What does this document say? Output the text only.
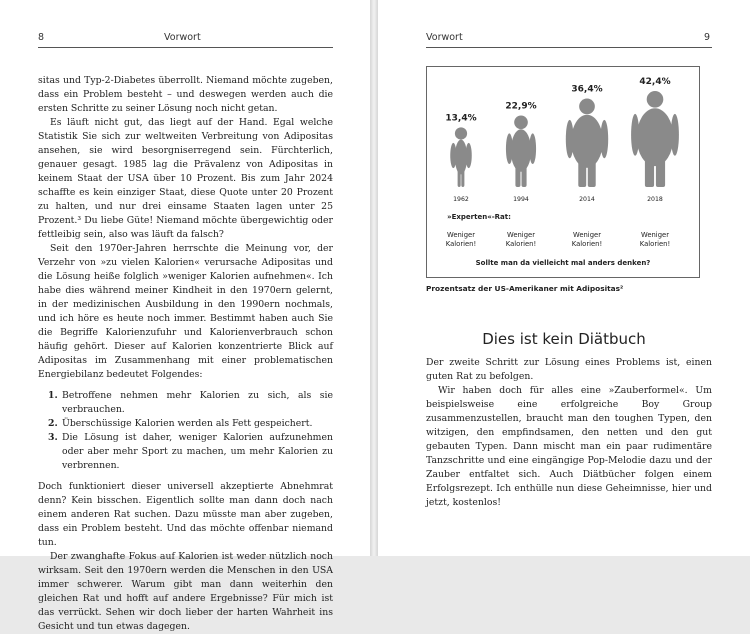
8	Vorwort

sitas und Typ-2-Diabetes überrollt. Niemand möchte zugeben, dass ein Problem besteht – und deswegen werden auch die ersten Schritte zu seiner Lösung noch nicht getan.

Es läuft nicht gut, das liegt auf der Hand. Egal welche Statistik Sie sich zur weltweiten Verbreitung von Adipositas ansehen, sie wird besorgniserregend sein. Fürchterlich, genauer gesagt. 1985 lag die Prävalenz von Adipositas in keinem Staat der USA über 10 Prozent. Bis zum Jahr 2024 schaffte es kein einziger Staat, diese Quote unter 20 Prozent zu halten, und nur drei einsame Staaten lagen unter 25 Prozent.³ Du liebe Güte! Niemand möchte übergewichtig oder fettleibig sein, also was läuft da falsch?

Seit den 1970er-Jahren herrschte die Meinung vor, der Verzehr von »zu vielen Kalorien« verursache Adipositas und die Lösung heiße folglich »weniger Kalorien aufnehmen«. Ich habe dies während meiner Kindheit in den 1970ern gelernt, in der medizinischen Ausbildung in den 1990ern nochmals, und ich höre es heute noch immer. Bestimmt haben auch Sie die Begriffe Kalorienzufuhr und Kalorienverbrauch schon häufig gehört. Dieser auf Kalorien konzentrierte Blick auf Adipositas im Zusammenhang mit einer problematischen Energiebilanz bedeutet Folgendes:

1. Betroffene nehmen mehr Kalorien zu sich, als sie verbrauchen.
2. Überschüssige Kalorien werden als Fett gespeichert.
3. Die Lösung ist daher, weniger Kalorien aufzunehmen oder aber mehr Sport zu machen, um mehr Kalorien zu verbrennen.

Doch funktioniert dieser universell akzeptierte Abnehmrat denn? Kein bisschen. Eigentlich sollte man dann doch nach einem anderen Rat suchen. Dazu müsste man aber zugeben, dass ein Problem besteht. Und das möchte offenbar niemand tun.

Der zwanghafte Fokus auf Kalorien ist weder nützlich noch wirksam. Seit den 1970ern werden die Menschen in den USA immer schwerer. Warum gibt man dann weiterhin den gleichen Rat und hofft auf andere Ergebnisse? Für mich ist das verrückt. Sehen wir doch lieber der harten Wahrheit ins Gesicht und tun etwas dagegen.

Vorwort	9
13,4%
1962
Weniger
Kalorien!
22,9%
1994
Weniger
Kalorien!
36,4%
2014
Weniger
Kalorien!
42,4%
2018
Weniger
Kalorien!
»Experten«-Rat:
Sollte man da vielleicht mal anders denken?
Prozentsatz der US-Amerikaner mit Adipositas²
Dies ist kein Diätbuch

Der zweite Schritt zur Lösung eines Problems ist, einen guten Rat zu befolgen.

Wir haben doch für alles eine »Zauberformel«. Um beispielsweise eine erfolgreiche Boy Group zusammenzustellen, braucht man den toughen Typen, den witzigen, den empfindsamen, den netten und den gut gebauten Typen. Dann mischt man ein paar rudimentäre Tanzschritte und eine eingängige Pop-Melodie dazu und der Zauber entfaltet sich. Auch Diätbücher folgen einem Erfolgsrezept. Ich enthülle nun diese Geheimnisse, hier und jetzt, kostenlos!
